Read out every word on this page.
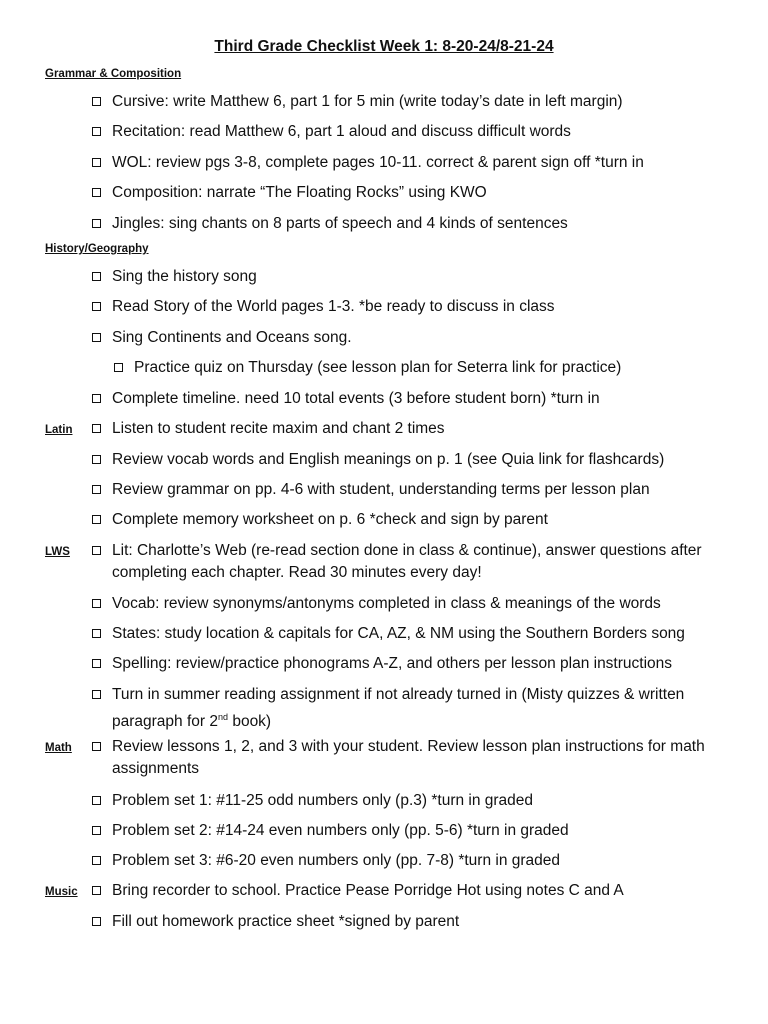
Third Grade Checklist Week 1: 8-20-24/8-21-24
Grammar & Composition
Cursive: write Matthew 6, part 1 for 5 min (write today’s date in left margin)
Recitation: read Matthew 6, part 1 aloud and discuss difficult words
WOL: review pgs 3-8, complete pages 10-11. correct & parent sign off *turn in
Composition: narrate “The Floating Rocks” using KWO
Jingles: sing chants on 8 parts of speech and 4 kinds of sentences
History/Geography
Sing the history song
Read Story of the World pages 1-3. *be ready to discuss in class
Sing Continents and Oceans song.
Practice quiz on Thursday (see lesson plan for Seterra link for practice)
Complete timeline. need 10 total events (3 before student born) *turn in
Latin	Listen to student recite maxim and chant 2 times
Review vocab words and English meanings on p. 1 (see Quia link for flashcards)
Review grammar on pp. 4-6 with student, understanding terms per lesson plan
Complete memory worksheet on p. 6 *check and sign by parent
LWS	Lit: Charlotte’s Web (re-read section done in class & continue), answer questions after completing each chapter. Read 30 minutes every day!
Vocab: review synonyms/antonyms completed in class & meanings of the words
States: study location & capitals for CA, AZ, & NM using the Southern Borders song
Spelling: review/practice phonograms A-Z, and others per lesson plan instructions
Turn in summer reading assignment if not already turned in (Misty quizzes & written paragraph for 2nd book)
Math	Review lessons 1, 2, and 3 with your student. Review lesson plan instructions for math assignments
Problem set 1: #11-25 odd numbers only (p.3) *turn in graded
Problem set 2: #14-24 even numbers only (pp. 5-6) *turn in graded
Problem set 3: #6-20 even numbers only (pp. 7-8) *turn in graded
Music Bring recorder to school. Practice Pease Porridge Hot using notes C and A
Fill out homework practice sheet *signed by parent
